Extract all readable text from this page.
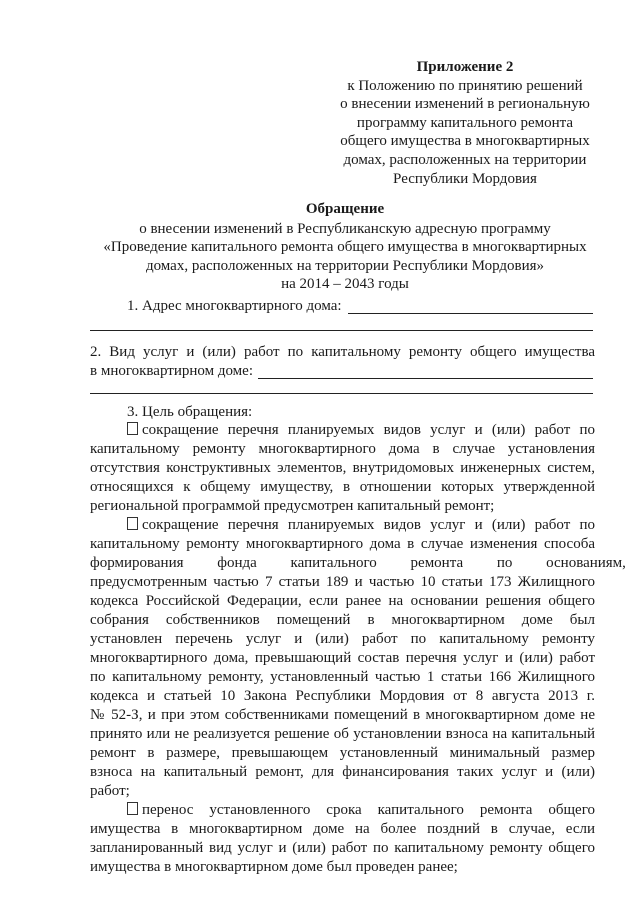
Приложение 2
к Положению по принятию решений
о внесении изменений в региональную
программу капитального ремонта
общего имущества в многоквартирных
домах, расположенных на территории
Республики Мордовия
Обращение
о внесении изменений в Республиканскую адресную программу
«Проведение капитального ремонта общего имущества в многоквартирных
домах, расположенных на территории Республики Мордовия»
на 2014 – 2043 годы
1. Адрес многоквартирного дома:
2. Вид услуг и (или) работ по капитальному ремонту общего имущества
в многоквартирном доме:
3. Цель обращения:
сокращение перечня планируемых видов услуг и (или) работ по
капитальному ремонту многоквартирного дома в случае установления
отсутствия конструктивных элементов, внутридомовых инженерных систем,
относящихся к общему имуществу, в отношении которых утвержденной
региональной программой предусмотрен капитальный ремонт;
сокращение перечня планируемых видов услуг и (или) работ по
капитальному ремонту многоквартирного дома в случае изменения способа
формирования фонда капитального ремонта по основаниям,
предусмотренным частью 7 статьи 189 и частью 10 статьи 173 Жилищного
кодекса Российской Федерации, если ранее на основании решения общего
собрания собственников помещений в многоквартирном доме был
установлен перечень услуг и (или) работ по капитальному ремонту
многоквартирного дома, превышающий состав перечня услуг и (или) работ
по капитальному ремонту, установленный частью 1 статьи 166 Жилищного
кодекса и статьей 10 Закона Республики Мордовия от 8 августа 2013 г.
№ 52-З, и при этом собственниками помещений в многоквартирном доме не
принято или не реализуется решение об установлении взноса на капитальный
ремонт в размере, превышающем установленный минимальный размер
взноса на капитальный ремонт, для финансирования таких услуг и (или)
работ;
перенос установленного срока капитального ремонта общего
имущества в многоквартирном доме на более поздний в случае, если
запланированный вид услуг и (или) работ по капитальному ремонту общего
имущества в многоквартирном доме был проведен ранее;
